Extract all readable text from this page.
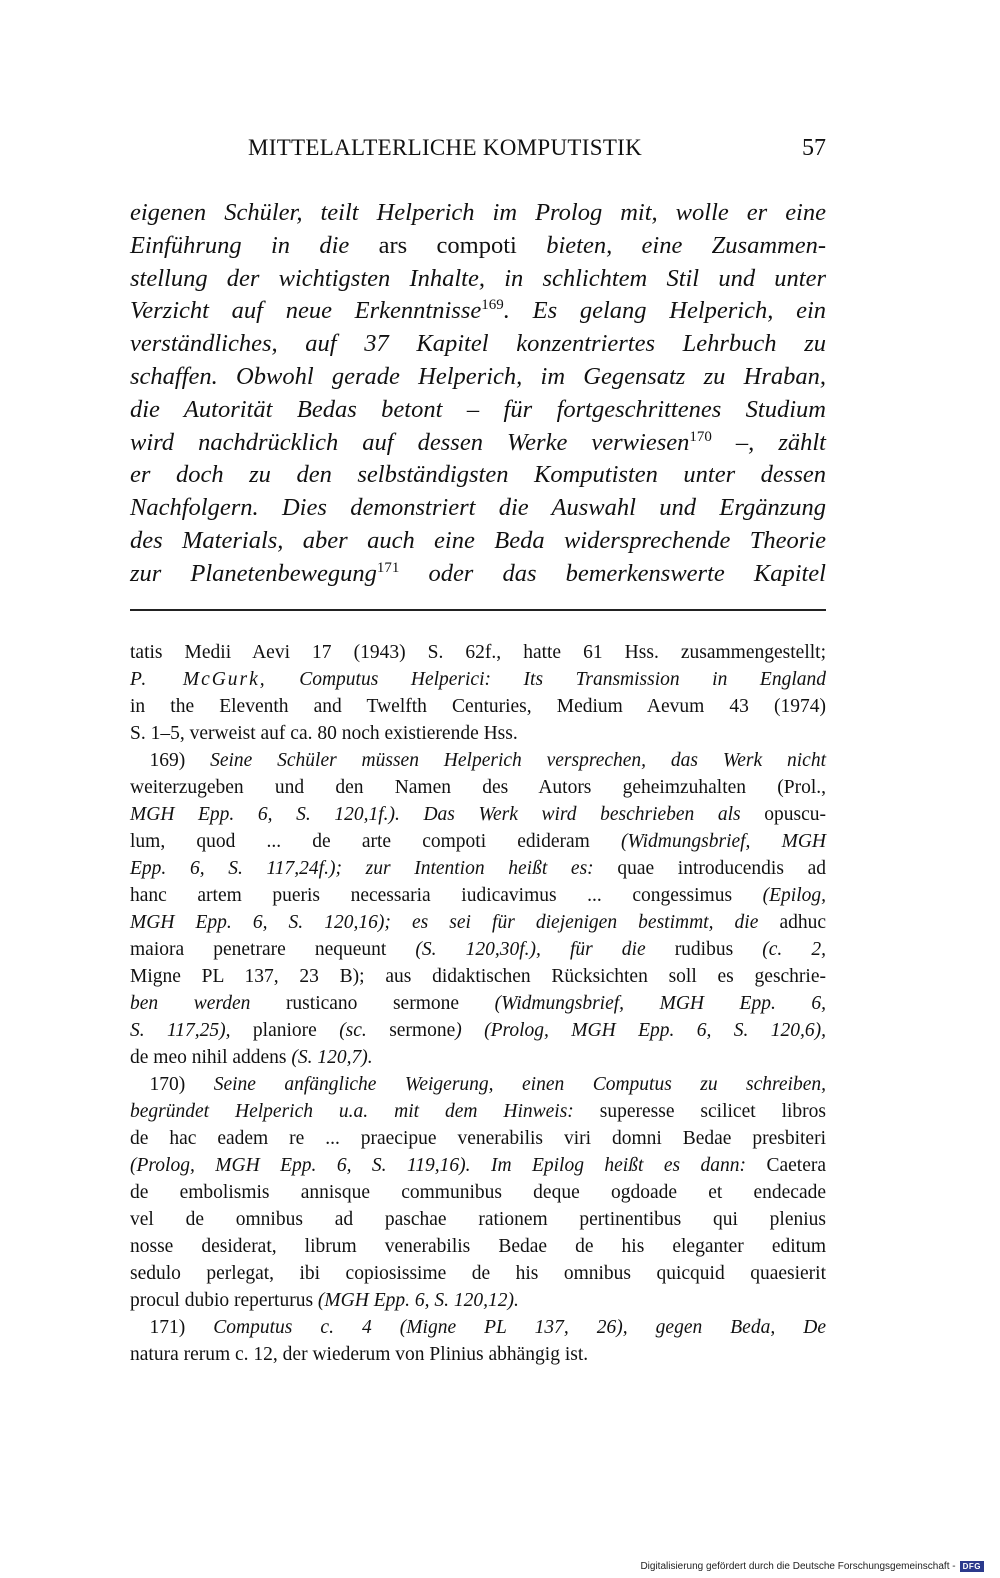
MITTELALTERLICHE KOMPUTISTIK	57
eigenen Schüler, teilt Helperich im Prolog mit, wolle er eine
Einführung in die ars compoti bieten, eine Zusammen-
stellung der wichtigsten Inhalte, in schlichtem Stil und unter
Verzicht auf neue Erkenntnisse$^{169}$. Es gelang Helperich, ein
verständliches, auf 37 Kapitel konzentriertes Lehrbuch zu
schaffen. Obwohl gerade Helperich, im Gegensatz zu Hraban,
die Autorität Bedas betont – für fortgeschrittenes Studium
wird nachdrücklich auf dessen Werke verwiesen$^{170}$ –, zählt
er doch zu den selbständigsten Komputisten unter dessen
Nachfolgern. Dies demonstriert die Auswahl und Ergänzung
des Materials, aber auch eine Beda widersprechende Theorie
zur Planetenbewegung$^{171}$ oder das bemerkenswerte Kapitel
tatis Medii Aevi 17 (1943) S. 62f., hatte 61 Hss. zusammengestellt;
P. McGurk, Computus Helperici: Its Transmission in England
in the Eleventh and Twelfth Centuries, Medium Aevum 43 (1974)
S. 1–5, verweist auf ca. 80 noch existierende Hss.
  169) Seine Schüler müssen Helperich versprechen, das Werk nicht
weiterzugeben und den Namen des Autors geheimzuhalten (Prol.,
MGH Epp. 6, S. 120,1f.). Das Werk wird beschrieben als opuscu-
lum, quod ... de arte compoti edideram (Widmungsbrief, MGH
Epp. 6, S. 117,24f.); zur Intention heißt es: quae introducendis ad
hanc artem pueris necessaria iudicavimus ... congessimus (Epilog,
MGH Epp. 6, S. 120,16); es sei für diejenigen bestimmt, die adhuc
maiora penetrare nequeunt (S. 120,30f.), für die rudibus (c. 2,
Migne PL 137, 23 B); aus didaktischen Rücksichten soll es geschrie-
ben werden rusticano sermone (Widmungsbrief, MGH Epp. 6,
S. 117,25), planiore (sc. sermone) (Prolog, MGH Epp. 6, S. 120,6),
de meo nihil addens (S. 120,7).
  170) Seine anfängliche Weigerung, einen Computus zu schreiben,
begründet Helperich u.a. mit dem Hinweis: superesse scilicet libros
de hac eadem re ... praecipue venerabilis viri domni Bedae presbiteri
(Prolog, MGH Epp. 6, S. 119,16). Im Epilog heißt es dann: Caetera
de embolismis annisque communibus deque ogdoade et endecade
vel de omnibus ad paschae rationem pertinentibus qui plenius
nosse desiderat, librum venerabilis Bedae de his eleganter editum
sedulo perlegat, ibi copiosissime de his omnibus quicquid quaesierit
procul dubio reperturus (MGH Epp. 6, S. 120,12).
  171) Computus c. 4 (Migne PL 137, 26), gegen Beda, De
natura rerum c. 12, der wiederum von Plinius abhängig ist.
Digitalisierung gefördert durch die Deutsche Forschungsgemeinschaft - DFG
